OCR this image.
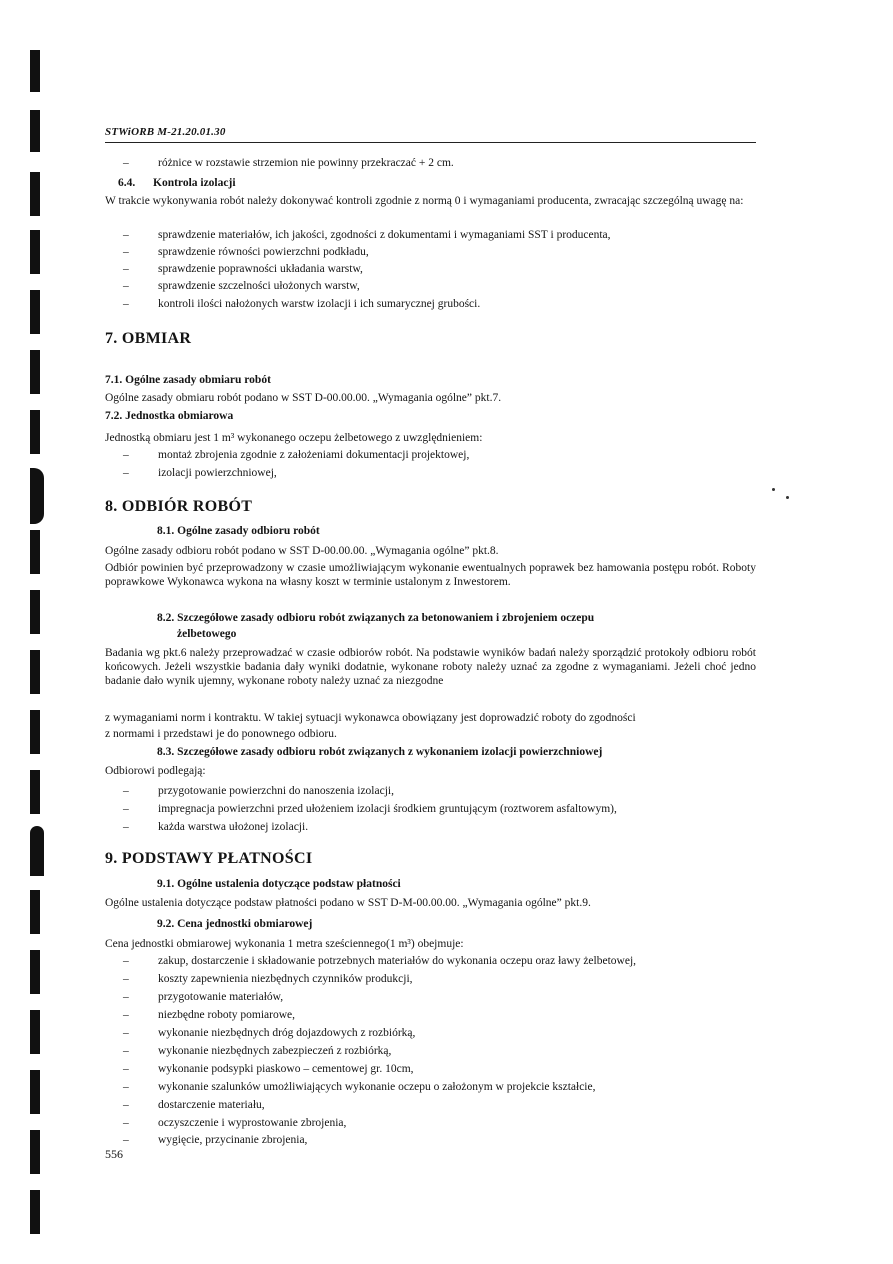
STWiORB M-21.20.01.30
–	różnice w rozstawie strzemion nie powinny przekraczać + 2 cm.
6.4. Kontrola izolacji
W trakcie wykonywania robót należy dokonywać kontroli zgodnie z normą 0 i wymaganiami producenta, zwracając szczególną uwagę na:
–	sprawdzenie materiałów, ich jakości, zgodności z dokumentami i wymaganiami SST i producenta,
–	sprawdzenie równości powierzchni podkładu,
–	sprawdzenie poprawności układania warstw,
–	sprawdzenie szczelności ułożonych warstw,
–	kontroli ilości nałożonych warstw izolacji i ich sumarycznej grubości.
7. OBMIAR
7.1. Ogólne zasady obmiaru robót
Ogólne zasady obmiaru robót podano w SST D-00.00.00. „Wymagania ogólne” pkt.7.
7.2. Jednostka obmiarowa
Jednostką obmiaru jest 1 m³ wykonanego oczepu żelbetowego z uwzględnieniem:
–	montaż zbrojenia zgodnie z założeniami dokumentacji projektowej,
–	izolacji powierzchniowej,
8. ODBIÓR ROBÓT
8.1. Ogólne zasady odbioru robót
Ogólne zasady odbioru robót podano w SST D-00.00.00. „Wymagania ogólne” pkt.8.
Odbiór powinien być przeprowadzony w czasie umożliwiającym wykonanie ewentualnych poprawek bez hamowania postępu robót. Roboty poprawkowe Wykonawca wykona na własny koszt w terminie ustalonym z Inwestorem.
8.2. Szczegółowe zasady odbioru robót związanych za betonowaniem i zbrojeniem oczepu
żelbetowego
Badania wg pkt.6 należy przeprowadzać w czasie odbiorów robót. Na podstawie wyników badań należy sporządzić protokoły odbioru robót końcowych. Jeżeli wszystkie badania dały wyniki dodatnie, wykonane roboty należy uznać za zgodne z wymaganiami. Jeżeli choć jedno badanie dało wynik ujemny, wykonane roboty należy uznać za niezgodne
z wymaganiami norm i kontraktu. W takiej sytuacji wykonawca obowiązany jest doprowadzić roboty do zgodności
z normami i przedstawi je do ponownego odbioru.
8.3. Szczegółowe zasady odbioru robót związanych z wykonaniem izolacji powierzchniowej
Odbiorowi podlegają:
–	przygotowanie powierzchni do nanoszenia izolacji,
–	impregnacja powierzchni przed ułożeniem izolacji środkiem gruntującym (roztworem asfaltowym),
–	każda warstwa ułożonej izolacji.
9. PODSTAWY PŁATNOŚCI
9.1. Ogólne ustalenia dotyczące podstaw płatności
Ogólne ustalenia dotyczące podstaw płatności podano w SST D-M-00.00.00. „Wymagania ogólne” pkt.9.
9.2. Cena jednostki obmiarowej
Cena jednostki obmiarowej wykonania 1 metra sześciennego(1 m³) obejmuje:
–	zakup, dostarczenie i składowanie potrzebnych materiałów do wykonania oczepu oraz ławy żelbetowej,
–	koszty zapewnienia niezbędnych czynników produkcji,
–	przygotowanie materiałów,
–	niezbędne roboty pomiarowe,
–	wykonanie niezbędnych dróg dojazdowych z rozbiórką,
–	wykonanie niezbędnych zabezpieczeń z rozbiórką,
–	wykonanie podsypki piaskowo – cementowej gr. 10cm,
–	wykonanie szalunków umożliwiających wykonanie oczepu o założonym w projekcie kształcie,
–	dostarczenie materiału,
–	oczyszczenie i wyprostowanie zbrojenia,
–	wygięcie, przycinanie zbrojenia,
556
